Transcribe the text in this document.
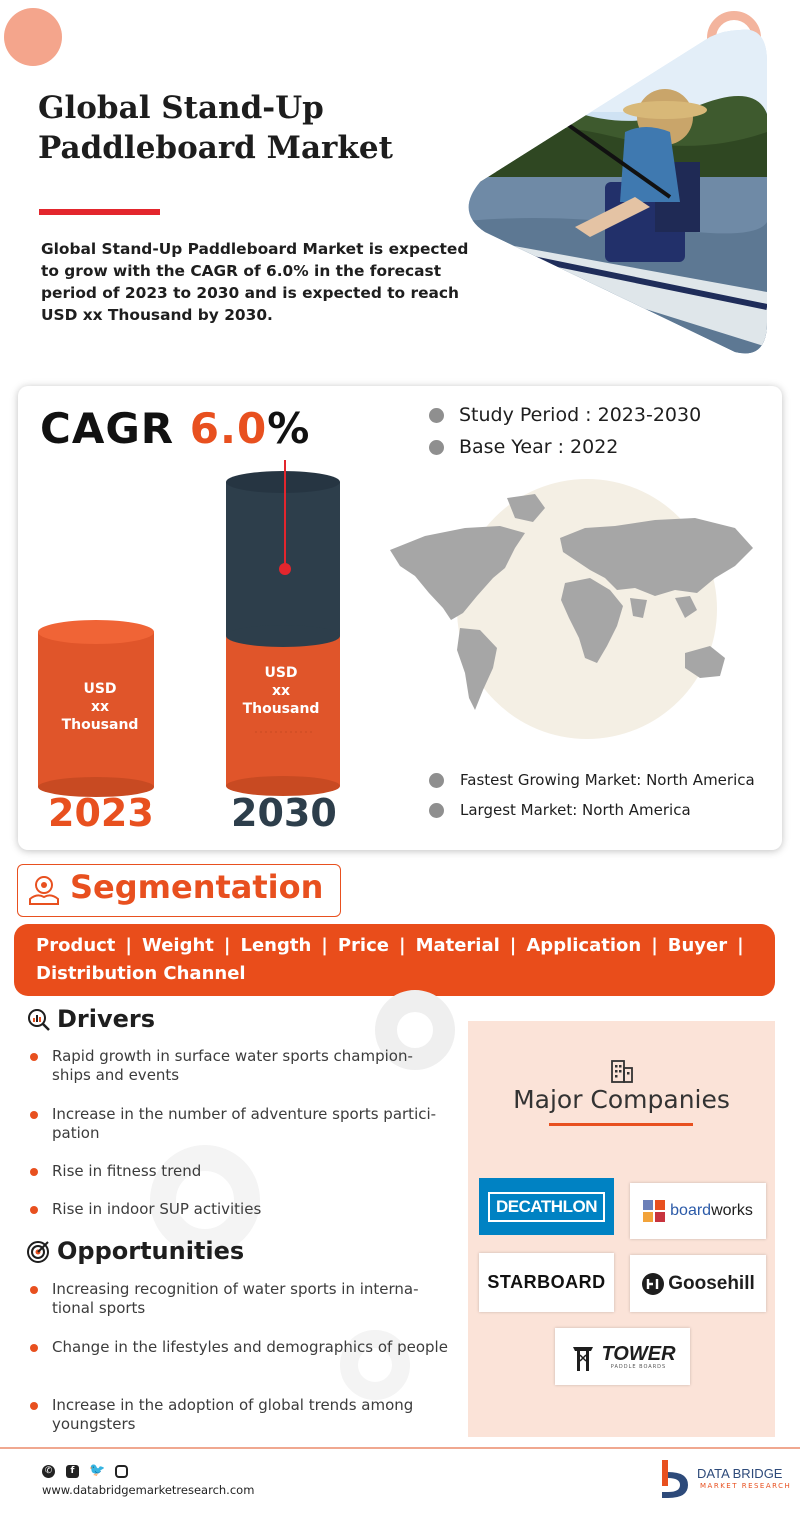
Global Stand-Up Paddleboard Market

Global Stand-Up Paddleboard Market is expected to grow with the CAGR of 6.0% in the forecast period of 2023 to 2030 and is expected to reach USD xx Thousand by 2030.

CAGR 6.0%	Study Period : 2023-2030
Base Year : 2022
USD
xx
Thousand
USD
xx
Thousand
2023 2030
Fastest Growing Market: North America
Largest Market: North America
Segmentation
Product | Weight | Length | Price | Material | Application | Buyer |
Distribution Channel
Drivers
Rapid growth in surface water sports champion-ships and events
Increase in the number of adventure sports partici-pation
Rise in fitness trend
Rise in indoor SUP activities
Opportunities
Increasing recognition of water sports in interna-tional sports
Change in the lifestyles and demographics of people
Increase in the adoption of global trends among youngsters
Major Companies
DECATHLON	boardworks
STARBOARD	Goosehill
TOWER
PADDLE BOARDS
✆	f	🐦
www.databridgemarketresearch.com
DATA BRIDGE
MARKET RESEARCH
